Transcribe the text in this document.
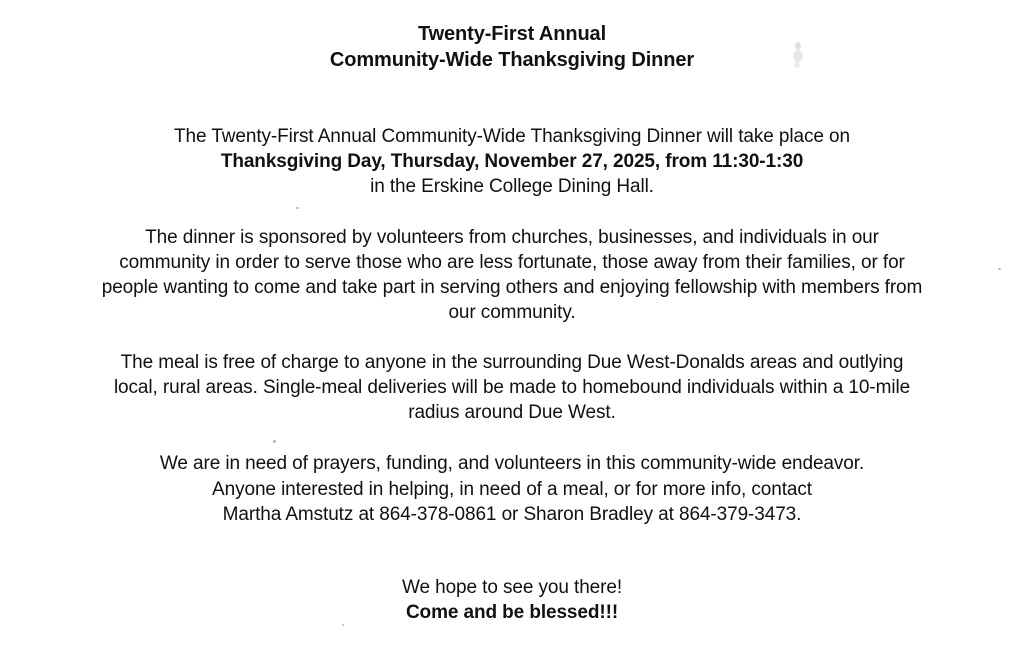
Twenty-First Annual
Community-Wide Thanksgiving Dinner
The Twenty-First Annual Community-Wide Thanksgiving Dinner will take place on
Thanksgiving Day, Thursday, November 27, 2025, from 11:30-1:30
in the Erskine College Dining Hall.
The dinner is sponsored by volunteers from churches, businesses, and individuals in our
community in order to serve those who are less fortunate, those away from their families, or for
people wanting to come and take part in serving others and enjoying fellowship with members from
our community.
The meal is free of charge to anyone in the surrounding Due West-Donalds areas and outlying
local, rural areas. Single-meal deliveries will be made to homebound individuals within a 10-mile
radius around Due West.
We are in need of prayers, funding, and volunteers in this community-wide endeavor.
Anyone interested in helping, in need of a meal, or for more info, contact
Martha Amstutz at 864-378-0861 or Sharon Bradley at 864-379-3473.
We hope to see you there!
Come and be blessed!!!
